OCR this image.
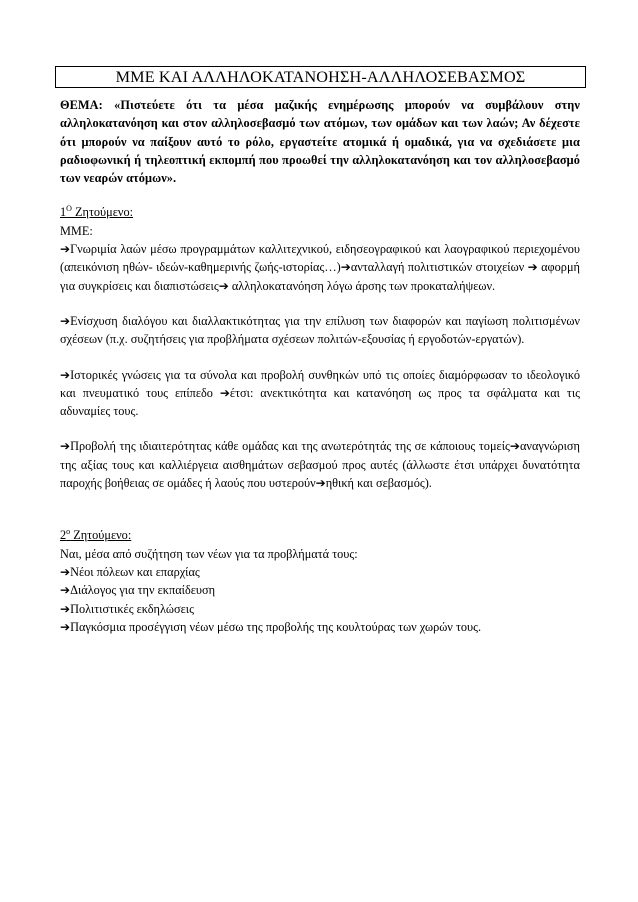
ΜΜΕ ΚΑΙ ΑΛΛΗΛΟΚΑΤΑΝΟΗΣΗ-ΑΛΛΗΛΟΣΕΒΑΣΜΟΣ

ΘΕΜΑ: «Πιστεύετε ότι τα μέσα μαζικής ενημέρωσης μπορούν να συμβάλουν στην αλληλοκατανόηση και στον αλληλοσεβασμό των ατόμων, των ομάδων και των λαών; Αν δέχεστε ότι μπορούν να παίξουν αυτό το ρόλο, εργαστείτε ατομικά ή ομαδικά, για να σχεδιάσετε μια ραδιοφωνική ή τηλεοπτική εκπομπή που προωθεί την αλληλοκατανόηση και τον αλληλοσεβασμό των νεαρών ατόμων».

$1^O$ Ζητούμενο:

ΜΜΕ:

➔Γνωριμία λαών μέσω προγραμμάτων καλλιτεχνικού, ειδησεογραφικού και λαογραφικού περιεχομένου (απεικόνιση ηθών- ιδεών-καθημερινής ζωής-ιστορίας…)➔ανταλλαγή πολιτιστικών στοιχείων ➔ αφορμή για συγκρίσεις και διαπιστώσεις➔ αλληλοκατανόηση λόγω άρσης των προκαταλήψεων.

➔Ενίσχυση διαλόγου και διαλλακτικότητας για την επίλυση των διαφορών και παγίωση πολιτισμένων σχέσεων (π.χ. συζητήσεις για προβλήματα σχέσεων πολιτών-εξουσίας ή εργοδοτών-εργατών).

➔Ιστορικές γνώσεις για τα σύνολα και προβολή συνθηκών υπό τις οποίες διαμόρφωσαν το ιδεολογικό και πνευματικό τους επίπεδο ➔έτσι: ανεκτικότητα και κατανόηση ως προς τα σφάλματα και τις αδυναμίες τους.

➔Προβολή της ιδιαιτερότητας κάθε ομάδας και της ανωτερότητάς της σε κάποιους τομείς➔αναγνώριση της αξίας τους και καλλιέργεια αισθημάτων σεβασμού προς αυτές (άλλωστε έτσι υπάρχει δυνατότητα παροχής βοήθειας σε ομάδες ή λαούς που υστερούν➔ηθική και σεβασμός).

$2^o$ Ζητούμενο:

Ναι, μέσα από συζήτηση των νέων για τα προβλήματά τους:

➔Νέοι πόλεων και επαρχίας

➔Διάλογος για την εκπαίδευση

➔Πολιτιστικές εκδηλώσεις

➔Παγκόσμια προσέγγιση νέων μέσω της προβολής της κουλτούρας των χωρών τους.
